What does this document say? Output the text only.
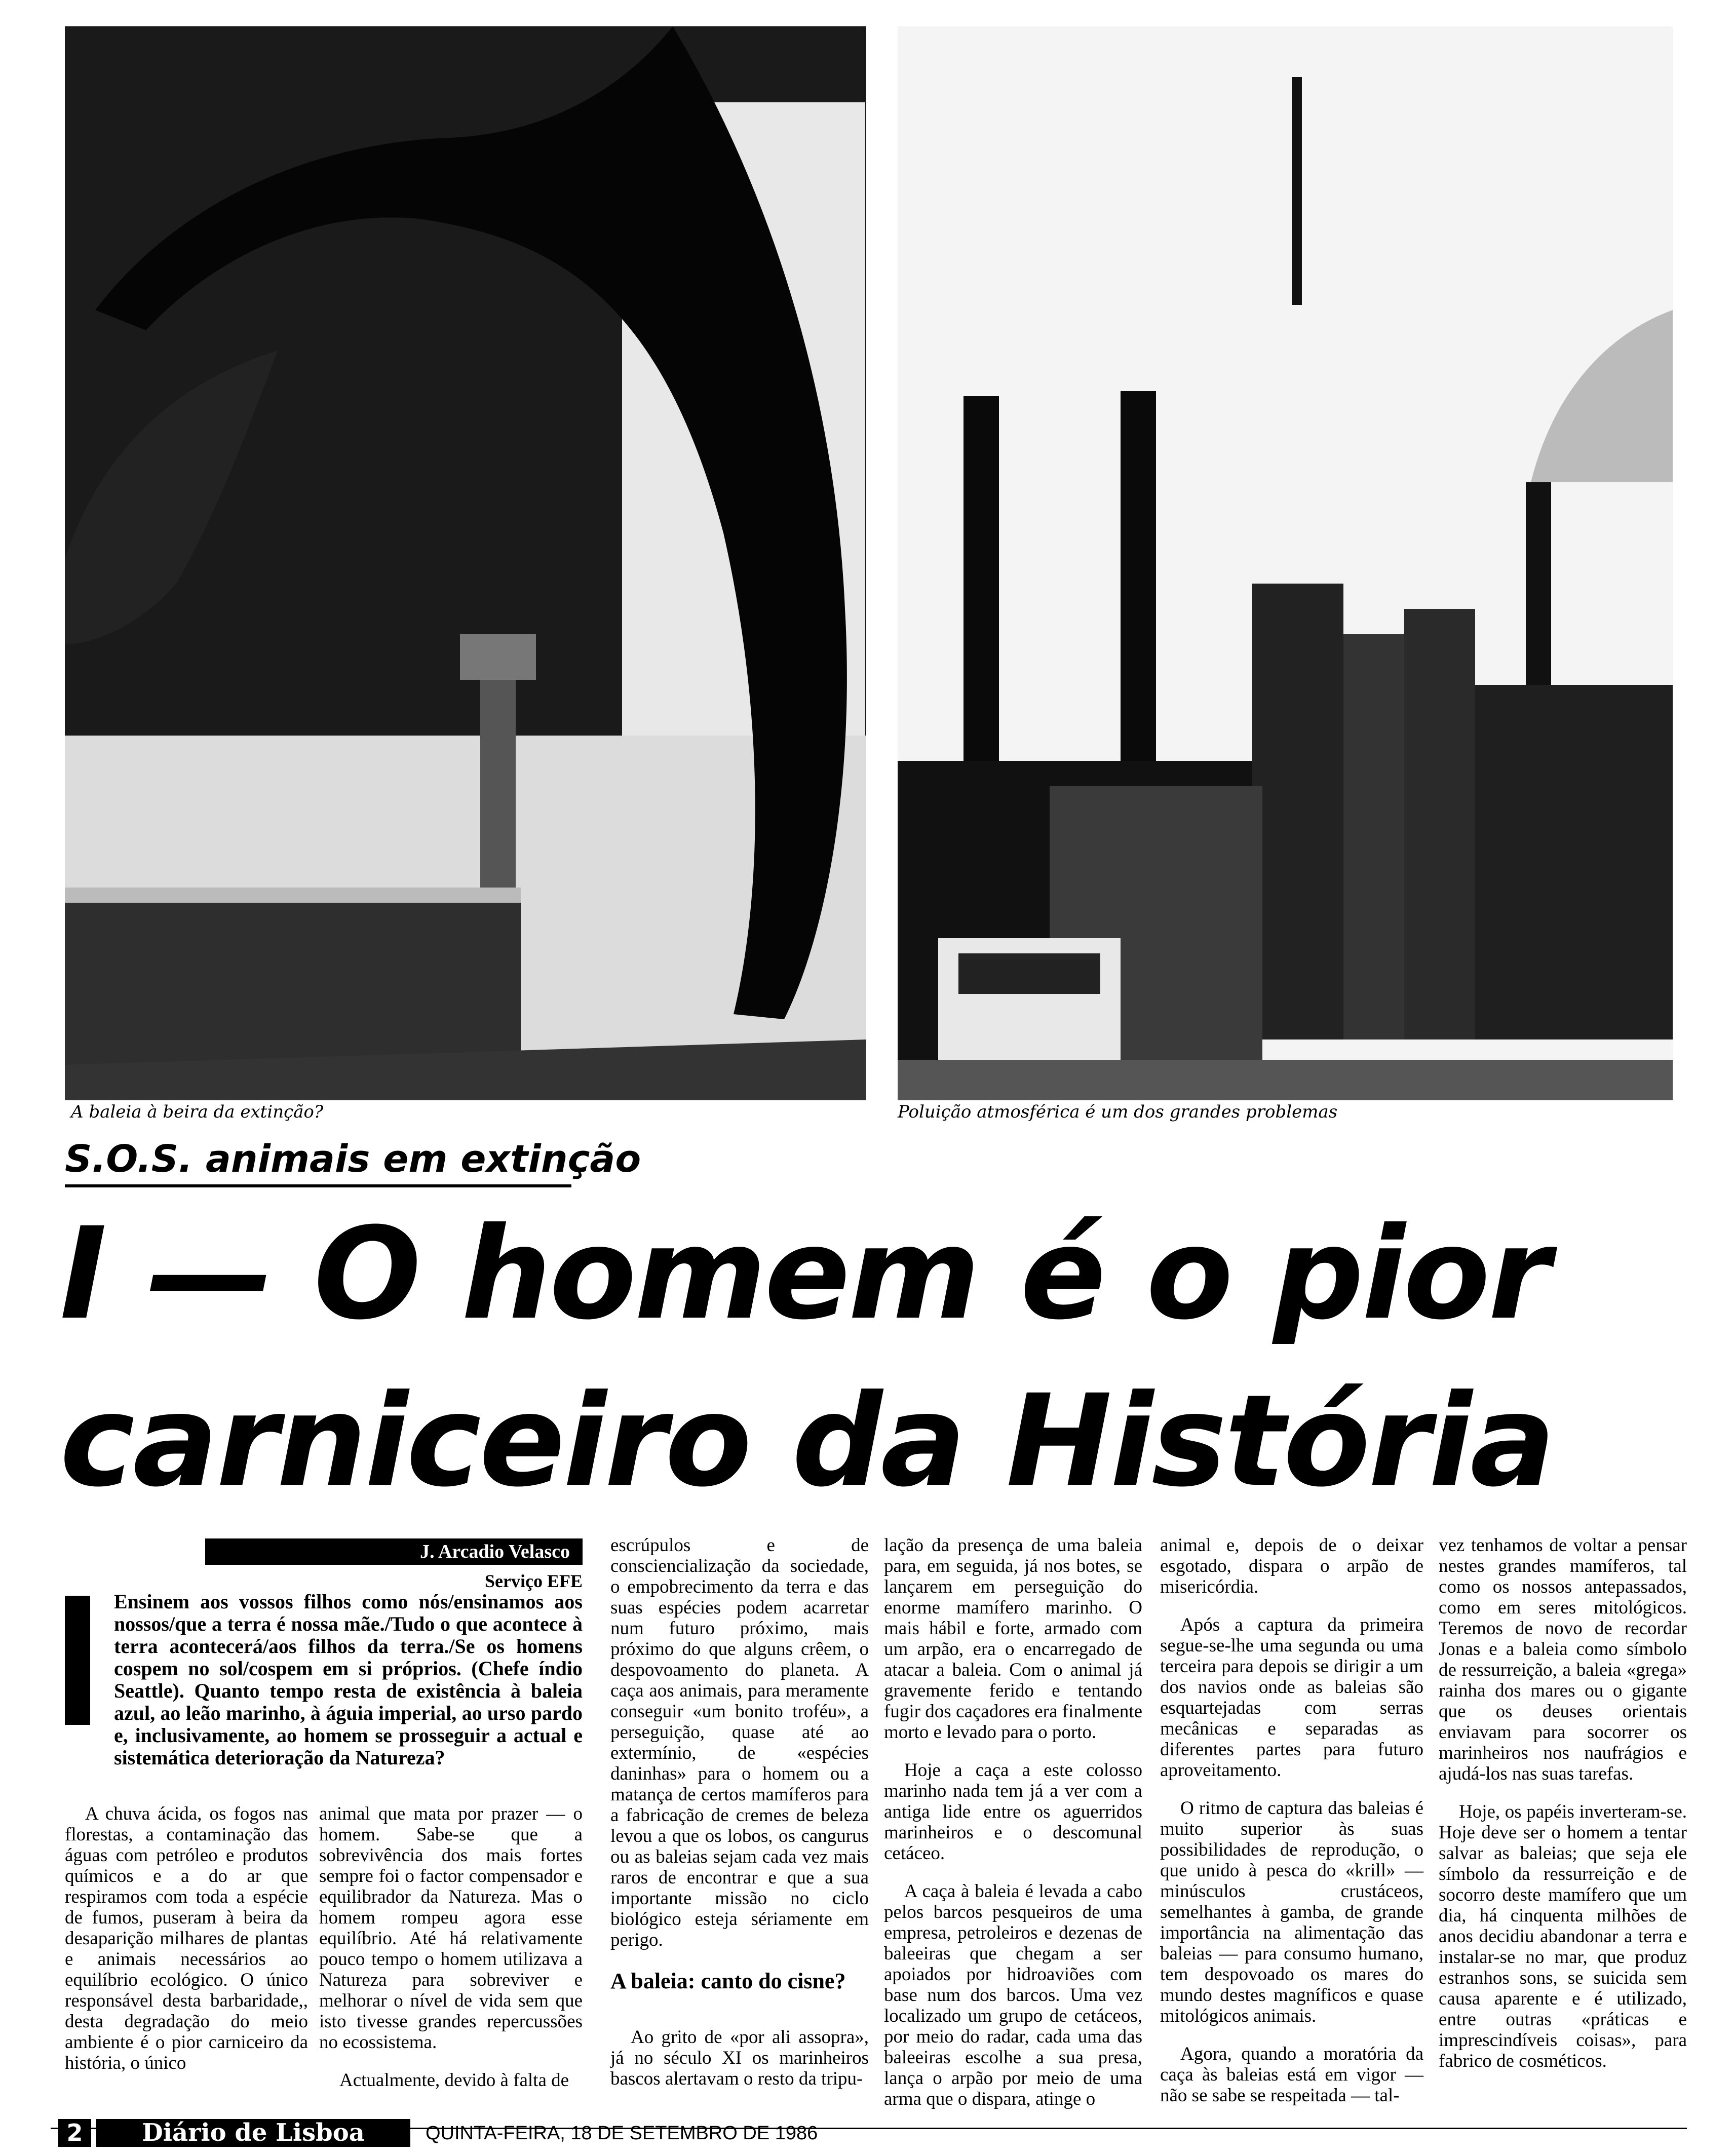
A baleia à beira da extinção?	Poluição atmosférica é um dos grandes problemas
S.O.S. animais em extinção
I — O homem é o pior
carniceiro da História
J. Arcadio Velasco
Serviço EFE

Ensinem aos vossos filhos como nós/ensinamos aos nossos/que a terra é nossa mãe./Tudo o que acontece à terra acontecerá/aos filhos da terra./Se os homens cospem no sol/cospem em si próprios. (Chefe índio Seattle). Quanto tempo resta de existência à baleia azul, ao leão marinho, à águia imperial, ao urso pardo e, inclusivamente, ao homem se prosseguir a actual e sistemática deterioração da Natureza?

A chuva ácida, os fogos nas florestas, a contaminação das águas com petróleo e produtos químicos e a do ar que respiramos com toda a espécie de fumos, puseram à beira da desaparição milhares de plantas e animais necessários ao equilíbrio ecológico. O único responsável desta barbaridade,, desta degradação do meio ambiente é o pior carniceiro da história, o único

animal que mata por prazer — o homem. Sabe-se que a sobrevivência dos mais fortes sempre foi o factor compensador e equilibrador da Natureza. Mas o homem rompeu agora esse equilíbrio. Até há relativamente pouco tempo o homem utilizava a Natureza para sobreviver e melhorar o nível de vida sem que isto tivesse grandes repercussões no ecossistema.

Actualmente, devido à falta de

escrúpulos e de consciencialização da sociedade, o empobrecimento da terra e das suas espécies podem acarretar num futuro próximo, mais próximo do que alguns crêem, o despovoamento do planeta. A caça aos animais, para meramente conseguir «um bonito troféu», a perseguição, quase até ao extermínio, de «espécies daninhas» para o homem ou a matança de certos mamíferos para a fabricação de cremes de beleza levou a que os lobos, os cangurus ou as baleias sejam cada vez mais raros de encontrar e que a sua importante missão no ciclo biológico esteja sériamente em perigo.

A baleia: canto do cisne?

Ao grito de «por ali assopra», já no século XI os marinheiros bascos alertavam o resto da tripu-

lação da presença de uma baleia para, em seguida, já nos botes, se lançarem em perseguição do enorme mamífero marinho. O mais hábil e forte, armado com um arpão, era o encarregado de atacar a baleia. Com o animal já gravemente ferido e tentando fugir dos caçadores era finalmente morto e levado para o porto.

Hoje a caça a este colosso marinho nada tem já a ver com a antiga lide entre os aguerridos marinheiros e o descomunal cetáceo.

A caça à baleia é levada a cabo pelos barcos pesqueiros de uma empresa, petroleiros e dezenas de baleeiras que chegam a ser apoiados por hidroaviões com base num dos barcos. Uma vez localizado um grupo de cetáceos, por meio do radar, cada uma das baleeiras escolhe a sua presa, lança o arpão por meio de uma arma que o dispara, atinge o

animal e, depois de o deixar esgotado, dispara o arpão de misericórdia.

Após a captura da primeira segue-se-lhe uma segunda ou uma terceira para depois se dirigir a um dos navios onde as baleias são esquartejadas com serras mecânicas e separadas as diferentes partes para futuro aproveitamento.

O ritmo de captura das baleias é muito superior às suas possibilidades de reprodução, o que unido à pesca do «krill» — minúsculos crustáceos, semelhantes à gamba, de grande importância na alimentação das baleias — para consumo humano, tem despovoado os mares do mundo destes magníficos e quase mitológicos animais.

Agora, quando a moratória da caça às baleias está em vigor — não se sabe se respeitada — tal-

vez tenhamos de voltar a pensar nestes grandes mamíferos, tal como os nossos antepassados, como em seres mitológicos. Teremos de novo de recordar Jonas e a baleia como símbolo de ressurreição, a baleia «grega» rainha dos mares ou o gigante que os deuses orientais enviavam para socorrer os marinheiros nos naufrágios e ajudá-los nas suas tarefas.

Hoje, os papéis inverteram-se. Hoje deve ser o homem a tentar salvar as baleias; que seja ele símbolo da ressurreição e de socorro deste mamífero que um dia, há cinquenta milhões de anos decidiu abandonar a terra e instalar-se no mar, que produz estranhos sons, se suicida sem causa aparente e é utilizado, entre outras «práticas e imprescindíveis coisas», para fabrico de cosméticos.

2	Diário de Lisboa	QUINTA-FEIRA, 18 DE SETEMBRO DE 1986
